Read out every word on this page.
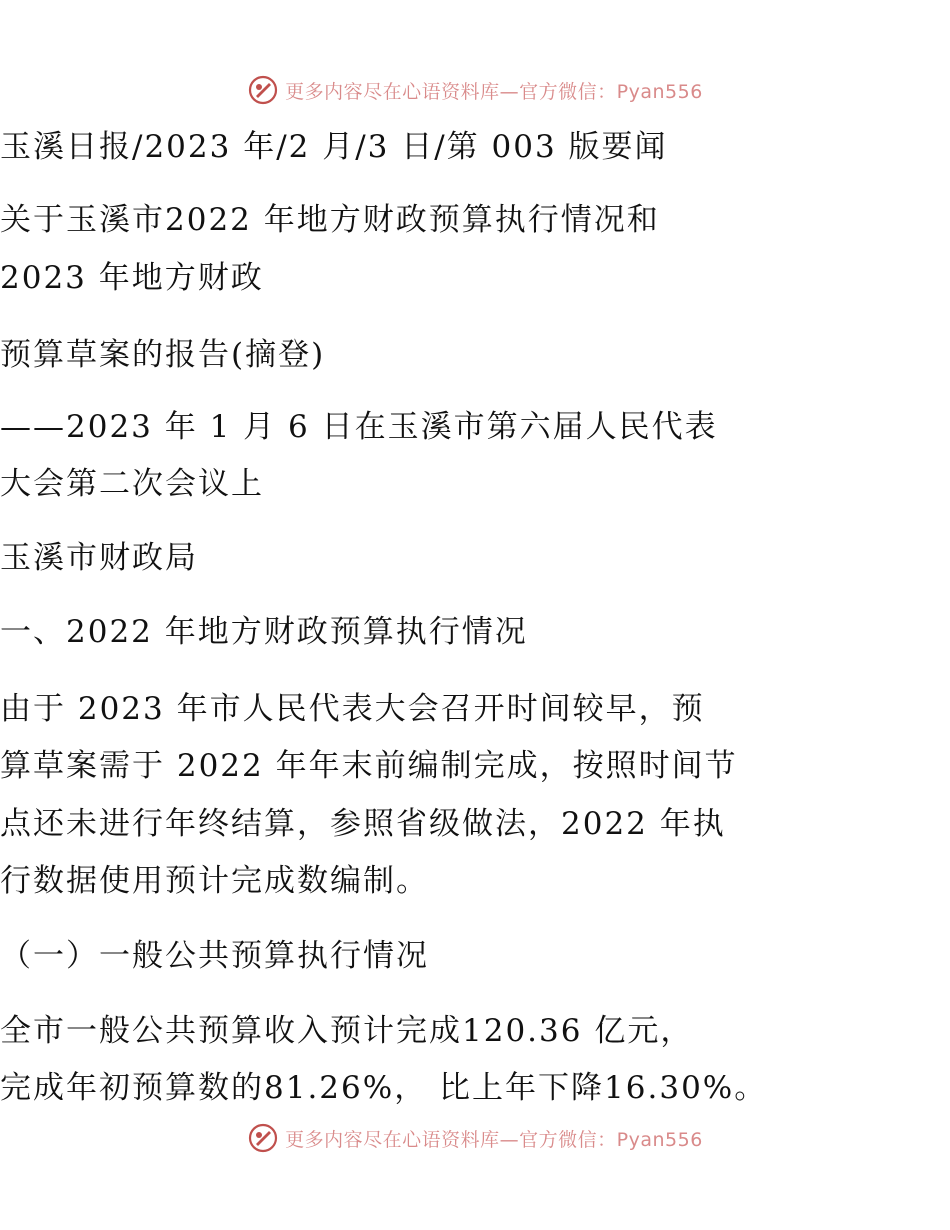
更多内容尽在心语资料库—官方微信：Pyan556
玉溪日报/2023 年/2 月/3 日/第 003 版要闻
关于玉溪市2022 年地方财政预算执行情况和
2023 年地方财政
预算草案的报告(摘登)
——2023 年 1 月 6 日在玉溪市第六届人民代表
大会第二次会议上
玉溪市财政局
一、2022 年地方财政预算执行情况
由于 2023 年市人民代表大会召开时间较早，预
算草案需于 2022 年年末前编制完成，按照时间节
点还未进行年终结算，参照省级做法，2022 年执
行数据使用预计完成数编制。
（一）一般公共预算执行情况
全市一般公共预算收入预计完成120.36 亿元，
完成年初预算数的81.26%， 比上年下降16.30%。
更多内容尽在心语资料库—官方微信：Pyan556
